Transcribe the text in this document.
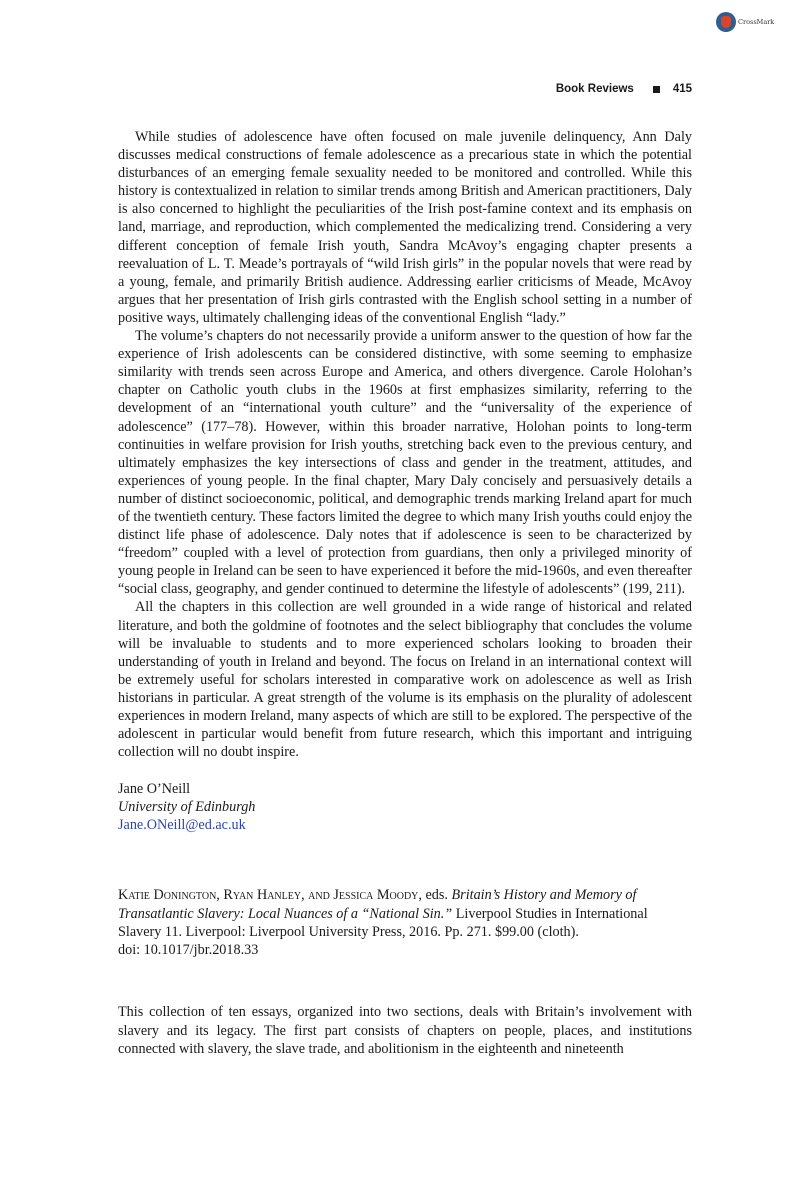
CrossMark
Book Reviews	415

While studies of adolescence have often focused on male juvenile delinquency, Ann Daly discusses medical constructions of female adolescence as a precarious state in which the potential disturbances of an emerging female sexuality needed to be monitored and controlled. While this history is contextualized in relation to similar trends among British and American practitioners, Daly is also concerned to highlight the peculiarities of the Irish post-famine context and its emphasis on land, marriage, and reproduction, which complemented the medicalizing trend. Considering a very different conception of female Irish youth, Sandra McAvoy’s engaging chapter presents a reevaluation of L. T. Meade’s portrayals of “wild Irish girls” in the popular novels that were read by a young, female, and primarily British audience. Addressing earlier criticisms of Meade, McAvoy argues that her presentation of Irish girls contrasted with the English school setting in a number of positive ways, ultimately challenging ideas of the conventional English “lady.”

The volume’s chapters do not necessarily provide a uniform answer to the question of how far the experience of Irish adolescents can be considered distinctive, with some seeming to emphasize similarity with trends seen across Europe and America, and others divergence. Carole Holohan’s chapter on Catholic youth clubs in the 1960s at first emphasizes similarity, referring to the development of an “international youth culture” and the “universality of the experience of adolescence” (177–78). However, within this broader narrative, Holohan points to long-term continuities in welfare provision for Irish youths, stretching back even to the previous century, and ultimately emphasizes the key intersections of class and gender in the treatment, attitudes, and experiences of young people. In the final chapter, Mary Daly concisely and persuasively details a number of distinct socioeconomic, political, and demographic trends marking Ireland apart for much of the twentieth century. These factors limited the degree to which many Irish youths could enjoy the distinct life phase of adolescence. Daly notes that if adolescence is seen to be characterized by “freedom” coupled with a level of protection from guardians, then only a privileged minority of young people in Ireland can be seen to have experienced it before the mid-1960s, and even thereafter “social class, geography, and gender continued to determine the lifestyle of adolescents” (199, 211).

All the chapters in this collection are well grounded in a wide range of historical and related literature, and both the goldmine of footnotes and the select bibliography that concludes the volume will be invaluable to students and to more experienced scholars looking to broaden their understanding of youth in Ireland and beyond. The focus on Ireland in an international context will be extremely useful for scholars interested in comparative work on adolescence as well as Irish historians in particular. A great strength of the volume is its emphasis on the plurality of adolescent experiences in modern Ireland, many aspects of which are still to be explored. The perspective of the adolescent in particular would benefit from future research, which this important and intriguing collection will no doubt inspire.

Jane O’Neill
University of Edinburgh
Jane.ONeill@ed.ac.uk
Katie Donington, Ryan Hanley, and Jessica Moody, eds. Britain’s History and Memory of Transatlantic Slavery: Local Nuances of a “National Sin.” Liverpool Studies in International Slavery 11. Liverpool: Liverpool University Press, 2016. Pp. 271. $99.00 (cloth).
doi: 10.1017/jbr.2018.33

This collection of ten essays, organized into two sections, deals with Britain’s involvement with slavery and its legacy. The first part consists of chapters on people, places, and institutions connected with slavery, the slave trade, and abolitionism in the eighteenth and nineteenth
